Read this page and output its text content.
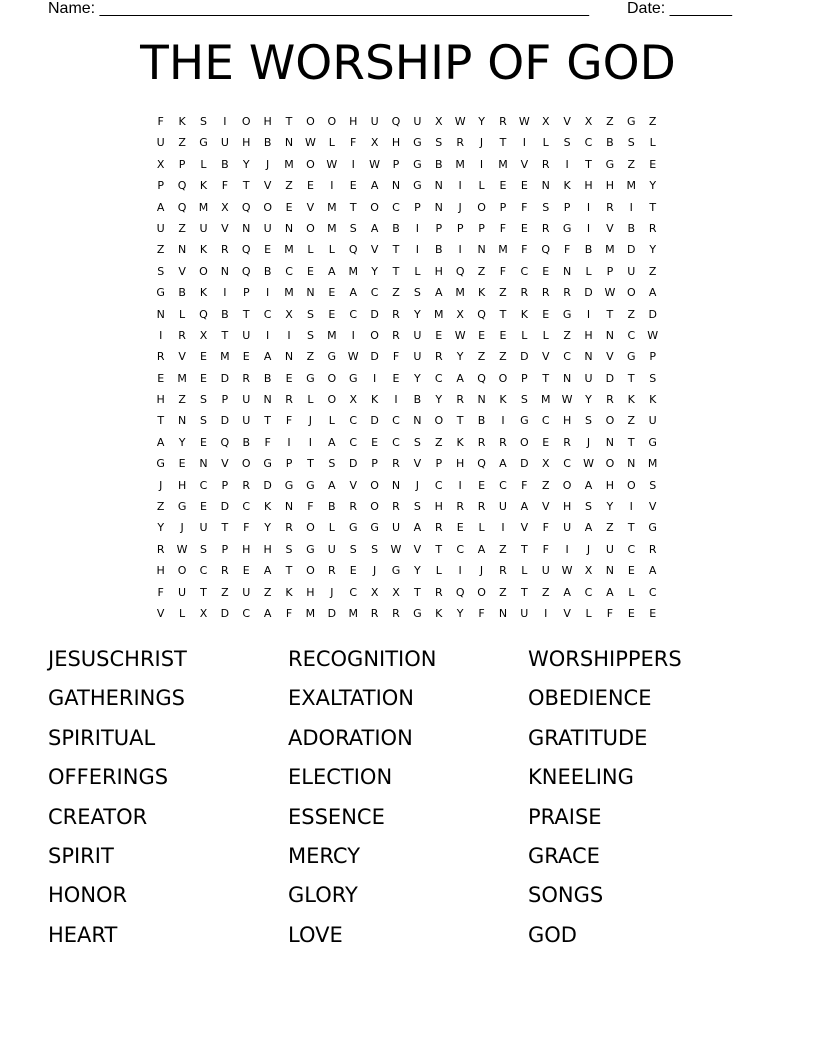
Name: _______________________________________________________ Date: _______
THE WORSHIP OF GOD
F	K	S	I	O	H	T	O	O	H	U	Q	U	X	W	Y	R	W	X	V	X	Z	G	Z
U	Z	G	U	H	B	N	W	L	F	X	H	G	S	R	J	T	I	L	S	C	B	S	L
X	P	L	B	Y	J	M	O	W	I	W	P	G	B	M	I	M	V	R	I	T	G	Z	E
P	Q	K	F	T	V	Z	E	I	E	A	N	G	N	I	L	E	E	N	K	H	H	M	Y
A	Q	M	X	Q	O	E	V	M	T	O	C	P	N	J	O	P	F	S	P	I	R	I	T
U	Z	U	V	N	U	N	O	M	S	A	B	I	P	P	P	F	E	R	G	I	V	B	R
Z	N	K	R	Q	E	M	L	L	Q	V	T	I	B	I	N	M	F	Q	F	B	M	D	Y
S	V	O	N	Q	B	C	E	A	M	Y	T	L	H	Q	Z	F	C	E	N	L	P	U	Z
G	B	K	I	P	I	M	N	E	A	C	Z	S	A	M	K	Z	R	R	R	D	W	O	A
N	L	Q	B	T	C	X	S	E	C	D	R	Y	M	X	Q	T	K	E	G	I	T	Z	D
I	R	X	T	U	I	I	S	M	I	O	R	U	E	W	E	E	L	L	Z	H	N	C	W
R	V	E	M	E	A	N	Z	G	W	D	F	U	R	Y	Z	Z	D	V	C	N	V	G	P
E	M	E	D	R	B	E	G	O	G	I	E	Y	C	A	Q	O	P	T	N	U	D	T	S
H	Z	S	P	U	N	R	L	O	X	K	I	B	Y	R	N	K	S	M	W	Y	R	K	K
T	N	S	D	U	T	F	J	L	C	D	C	N	O	T	B	I	G	C	H	S	O	Z	U
A	Y	E	Q	B	F	I	I	A	C	E	C	S	Z	K	R	R	O	E	R	J	N	T	G
G	E	N	V	O	G	P	T	S	D	P	R	V	P	H	Q	A	D	X	C	W	O	N	M
J	H	C	P	R	D	G	G	A	V	O	N	J	C	I	E	C	F	Z	O	A	H	O	S
Z	G	E	D	C	K	N	F	B	R	O	R	S	H	R	R	U	A	V	H	S	Y	I	V
Y	J	U	T	F	Y	R	O	L	G	G	U	A	R	E	L	I	V	F	U	A	Z	T	G
R	W	S	P	H	H	S	G	U	S	S	W	V	T	C	A	Z	T	F	I	J	U	C	R
H	O	C	R	E	A	T	O	R	E	J	G	Y	L	I	J	R	L	U	W	X	N	E	A
F	U	T	Z	U	Z	K	H	J	C	X	X	T	R	Q	O	Z	T	Z	A	C	A	L	C
V	L	X	D	C	A	F	M	D	M	R	R	G	K	Y	F	N	U	I	V	L	F	E	E
JESUSCHRIST	RECOGNITION	WORSHIPPERS
GATHERINGS	EXALTATION	OBEDIENCE
SPIRITUAL	ADORATION	GRATITUDE
OFFERINGS	ELECTION	KNEELING
CREATOR	ESSENCE	PRAISE
SPIRIT	MERCY	GRACE
HONOR	GLORY	SONGS
HEART	LOVE	GOD
